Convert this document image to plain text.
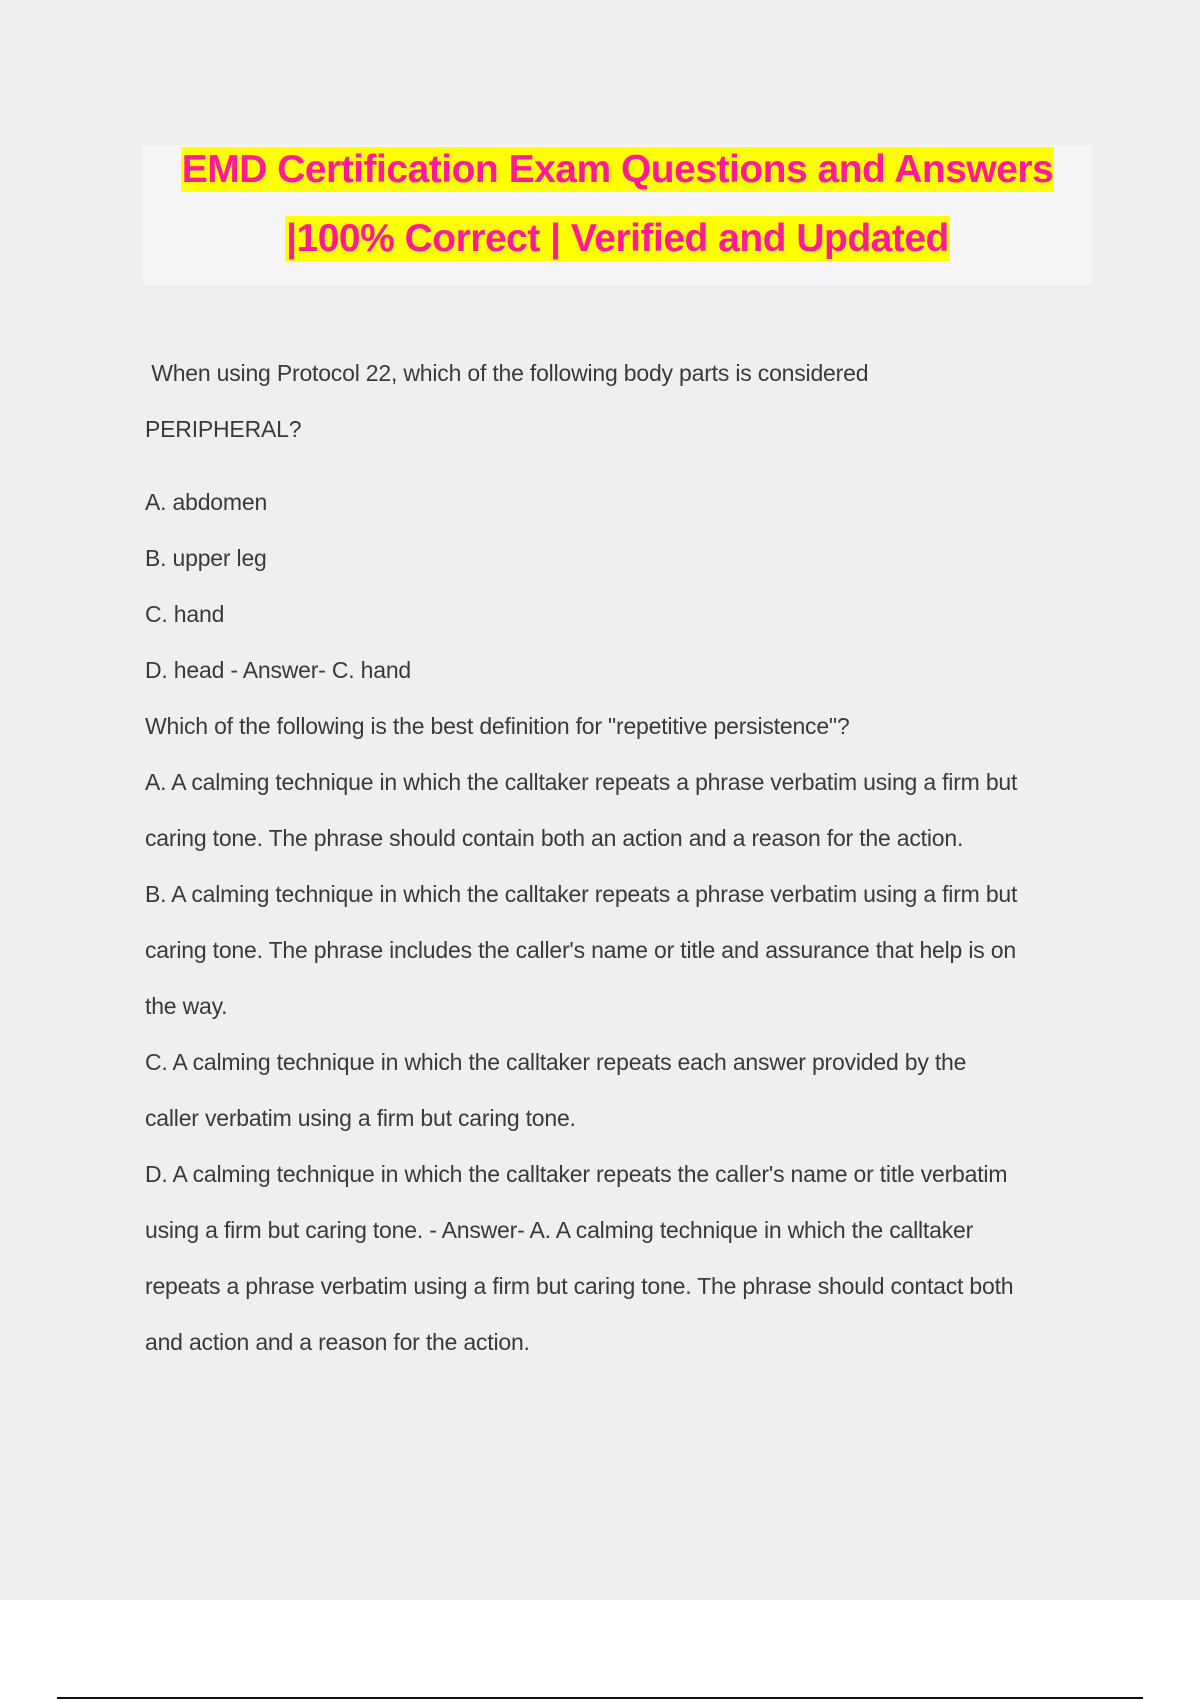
EMD Certification Exam Questions and Answers
|100% Correct | Verified and Updated
When using Protocol 22, which of the following body parts is considered
PERIPHERAL?
A. abdomen
B. upper leg
C. hand
D. head - Answer- C. hand
Which of the following is the best definition for "repetitive persistence"?
A. A calming technique in which the calltaker repeats a phrase verbatim using a firm but
caring tone. The phrase should contain both an action and a reason for the action.
B. A calming technique in which the calltaker repeats a phrase verbatim using a firm but
caring tone. The phrase includes the caller's name or title and assurance that help is on
the way.
C. A calming technique in which the calltaker repeats each answer provided by the
caller verbatim using a firm but caring tone.
D. A calming technique in which the calltaker repeats the caller's name or title verbatim
using a firm but caring tone. - Answer- A. A calming technique in which the calltaker
repeats a phrase verbatim using a firm but caring tone. The phrase should contact both
and action and a reason for the action.
